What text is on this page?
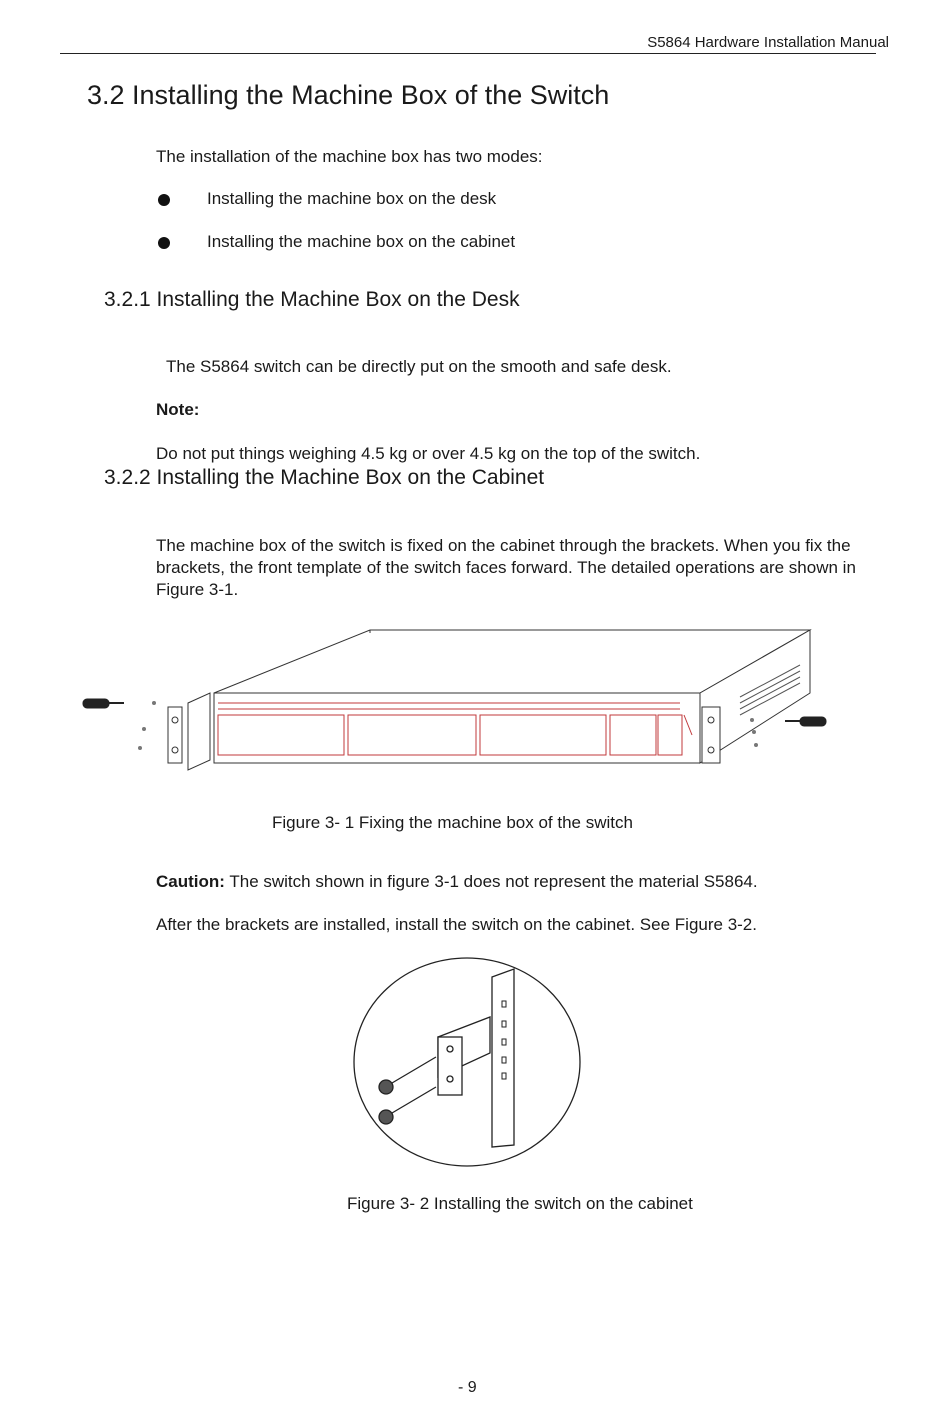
S5864 Hardware Installation Manual
3.2 Installing the Machine Box of the Switch
The installation of the machine box has two modes:
Installing the machine box on the desk
Installing the machine box on the cabinet
3.2.1 Installing the Machine Box on the Desk
The S5864 switch can be directly put on the smooth and safe desk.
Note:
Do not put things weighing 4.5 kg or over 4.5 kg on the top of the switch.
3.2.2 Installing the Machine Box on the Cabinet
The machine box of the switch is fixed on the cabinet through the brackets. When you fix the brackets, the front template of the switch faces forward. The detailed operations are shown in Figure 3-1.
Figure 3- 1 Fixing the machine box of the switch
Caution: The switch shown in figure 3-1 does not represent the material S5864.
After the brackets are installed, install the switch on the cabinet. See Figure 3-2.
Figure 3- 2 Installing the switch on the cabinet
- 9
